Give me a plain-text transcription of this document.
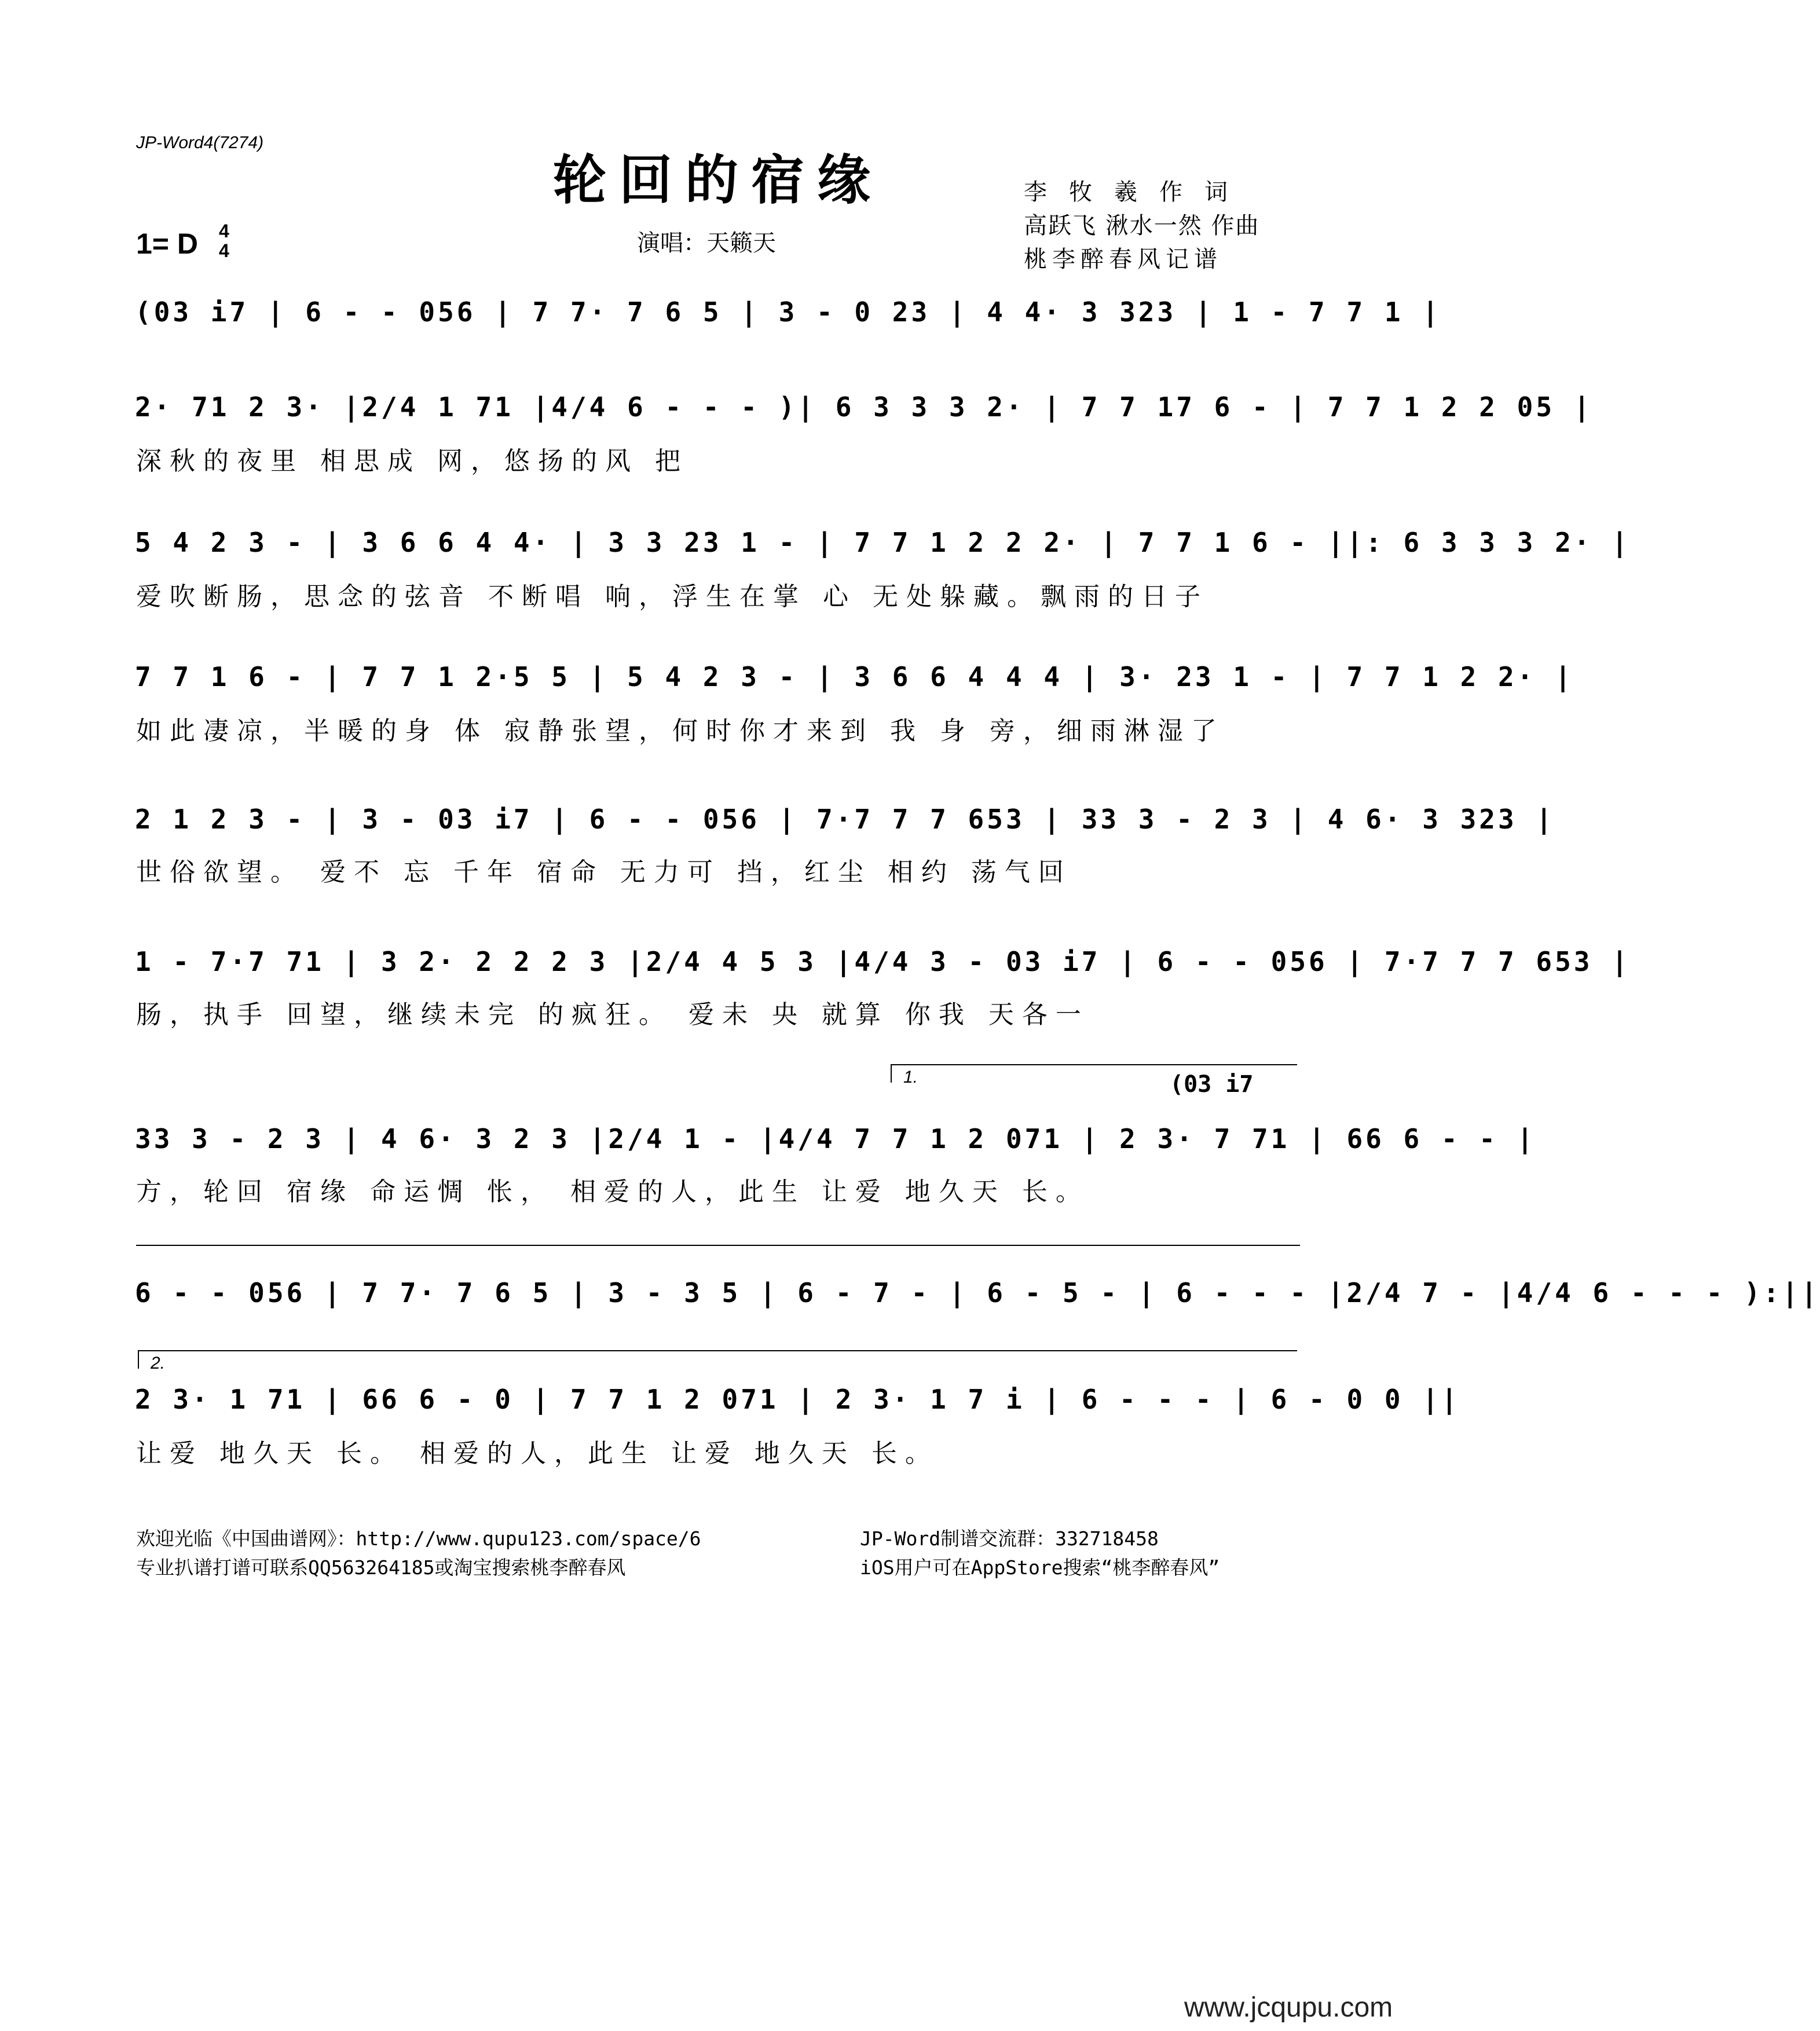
JP-Word4(7274)
轮回的宿缘	李牧羲作词
高跃飞 湫水一然 作曲
桃李醉春风记谱
演唱：天籁天
1= D 4
4
(03 i7 | 6 - - 056 | 7 7· 7 6 5 | 3 - 0 23 | 4 4· 3 323 | 1 - 7 7 1 |
2· 71 2 3· |2/4 1 71 |4/4 6 - - - )| 6 3 3 3 2· | 7 7 17 6 - | 7 7 1 2 2 05 |
深秋的夜里 相思成 网，悠扬的风 把
5 4 2 3 - | 3 6 6 4 4· | 3 3 23 1 - | 7 7 1 2 2 2· | 7 7 1 6 - ||: 6 3 3 3 2· |
爱吹断肠，思念的弦音 不断唱 响，浮生在掌 心 无处躲藏。飘雨的日子
7 7 1 6 - | 7 7 1 2·5 5 | 5 4 2 3 - | 3 6 6 4 4 4 | 3· 23 1 - | 7 7 1 2 2· |
如此凄凉，半暖的身 体 寂静张望，何时你才来到 我 身 旁，细雨淋湿了
2 1 2 3 - | 3 - 03 i7 | 6 - - 056 | 7·7 7 7 653 | 33 3 - 2 3 | 4 6· 3 323 |
世俗欲望。 爱不 忘 千年 宿命 无力可 挡，红尘 相约 荡气回
1 - 7·7 71 | 3 2· 2 2 2 3 |2/4 4 5 3 |4/4 3 - 03 i7 | 6 - - 056 | 7·7 7 7 653 |
肠，执手 回望，继续未完 的疯狂。 爱未 央 就算 你我 天各一
1.	(03 i7
33 3 - 2 3 | 4 6· 3 2 3 |2/4 1 - |4/4 7 7 1 2 071 | 2 3· 7 71 | 66 6 - - |
方，轮回 宿缘 命运惆 怅， 相爱的人，此生 让爱 地久天 长。
6 - - 056 | 7 7· 7 6 5 | 3 - 3 5 | 6 - 7 - | 6 - 5 - | 6 - - - |2/4 7 - |4/4 6 - - - ):||
2.
2 3· 1 71 | 66 6 - 0 | 7 7 1 2 071 | 2 3· 1 7 i | 6 - - - | 6 - 0 0 ||
让爱 地久天 长。 相爱的人，此生 让爱 地久天 长。
欢迎光临《中国曲谱网》：http://www.qupu123.com/space/6
专业扒谱打谱可联系QQ563264185或淘宝搜索桃李醉春风
JP-Word制谱交流群：332718458
iOS用户可在AppStore搜索“桃李醉春风”
www.jcqupu.com
